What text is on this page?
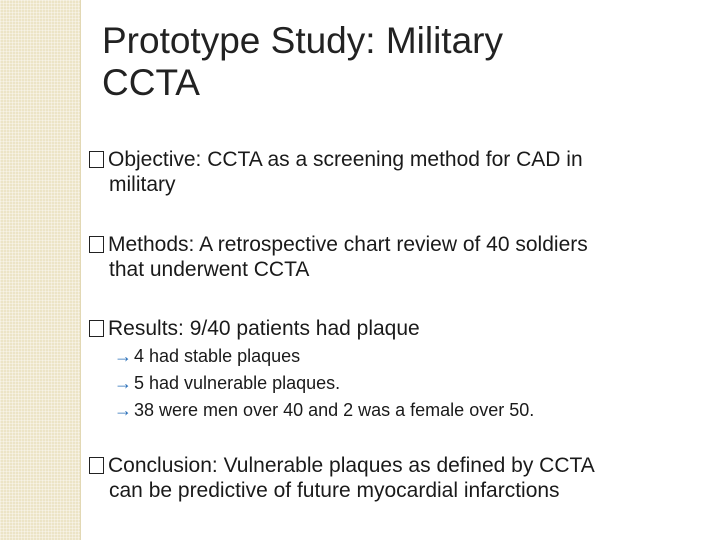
Prototype Study: Military
CCTA
Objective: CCTA as a screening method for CAD in
military
Methods: A retrospective chart review of 40 soldiers
that underwent CCTA
Results: 9/40 patients had plaque
→ 4 had stable plaques
→ 5 had vulnerable plaques.
→ 38 were men over 40 and 2 was a female over 50.
Conclusion: Vulnerable plaques as defined by CCTA
can be predictive of future myocardial infarctions
